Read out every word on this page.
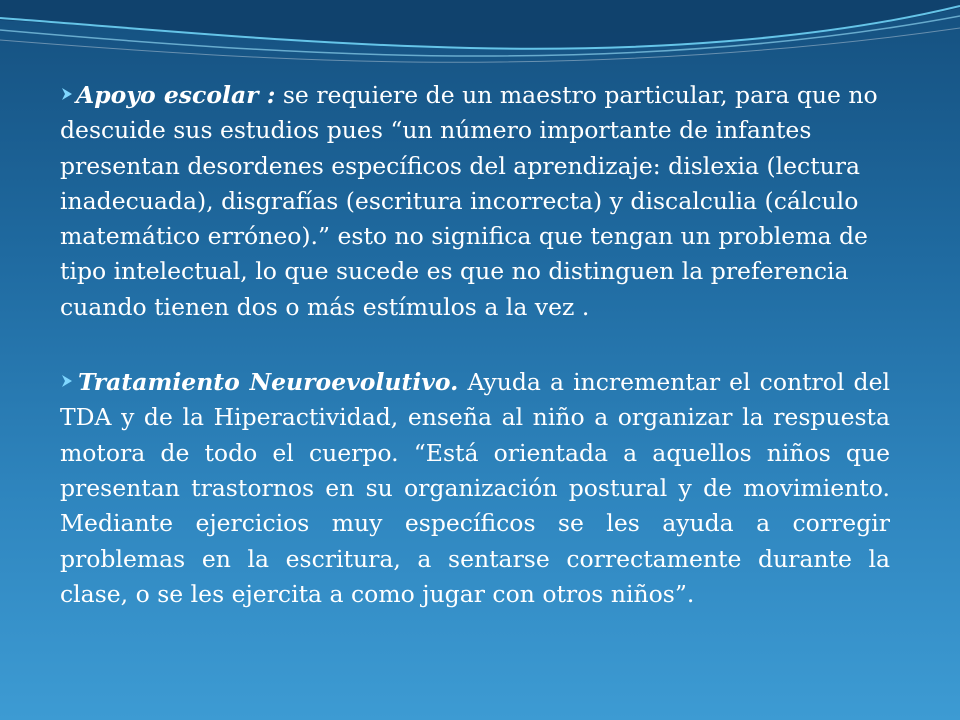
Apoyo escolar : se requiere de un maestro particular, para que no descuide sus estudios pues “un número importante de infantes presentan desordenes específicos del aprendizaje: dislexia (lectura inadecuada), disgrafías (escritura incorrecta) y discalculia (cálculo matemático erróneo).” esto no significa que tengan un problema de tipo intelectual, lo que sucede es que no distinguen la preferencia cuando tienen dos o más estímulos a la vez .

Tratamiento Neuroevolutivo. Ayuda a incrementar el control del TDA y de la Hiperactividad, enseña al niño a organizar la respuesta motora de todo el cuerpo. “Está orientada a aquellos niños que presentan trastornos en su organización postural y de movimiento. Mediante ejercicios muy específicos se les ayuda a corregir problemas en la escritura, a sentarse correctamente durante la clase, o se les ejercita a como jugar con otros niños”.
